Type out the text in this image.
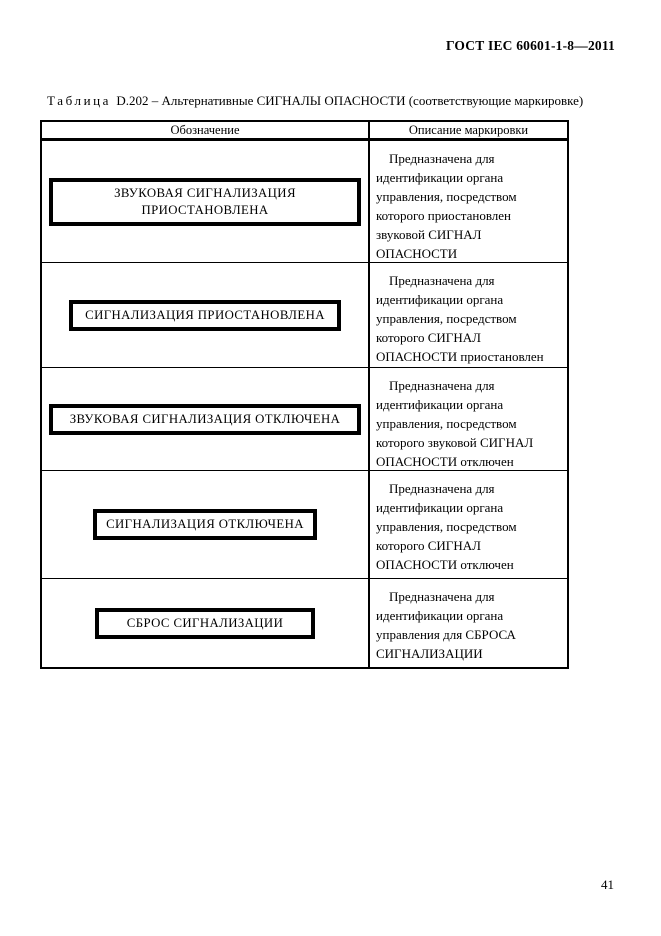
ГОСТ IEC 60601-1-8—2011
Таблица D.202 – Альтернативные СИГНАЛЫ ОПАСНОСТИ (соответствующие маркировке)
Обозначение	Описание маркировки
ЗВУКОВАЯ СИГНАЛИЗАЦИЯ ПРИОСТАНОВЛЕНА

Предназначена для идентификации органа управления, посредством которого приостановлен звуковой СИГНАЛ ОПАСНОСТИ

СИГНАЛИЗАЦИЯ ПРИОСТАНОВЛЕНА

Предназначена для идентификации органа управления, посредством которого СИГНАЛ ОПАСНОСТИ приостановлен

ЗВУКОВАЯ СИГНАЛИЗАЦИЯ ОТКЛЮЧЕНА

Предназначена для идентификации органа управления, посредством которого звуковой СИГНАЛ ОПАСНОСТИ отключен

СИГНАЛИЗАЦИЯ ОТКЛЮЧЕНА

Предназначена для идентификации органа управления, посредством которого СИГНАЛ ОПАСНОСТИ отключен

СБРОС СИГНАЛИЗАЦИИ

Предназначена для идентификации органа управления для СБРОСА СИГНАЛИЗАЦИИ

41
